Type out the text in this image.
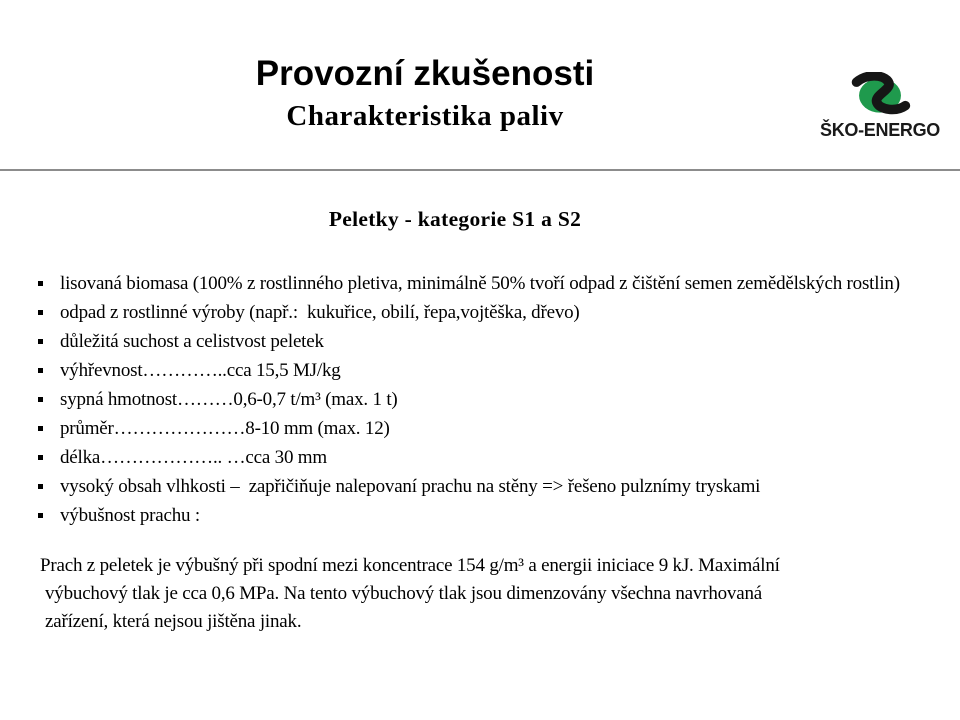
Provozní zkušenosti
Charakteristika paliv	ŠKO-ENERGO
Peletky - kategorie S1 a S2
lisovaná biomasa (100% z rostlinného pletiva, minimálně 50% tvoří odpad z čištění semen zemědělských rostlin)
odpad z rostlinné výroby (např.:  kukuřice, obilí, řepa,vojtěška, dřevo)
důležitá suchost a celistvost peletek
výhřevnost…………..cca 15,5 MJ/kg
sypná hmotnost………0,6-0,7 t/m³ (max. 1 t)
průměr…………………8-10 mm (max. 12)
délka……………….. …cca 30 mm
vysoký obsah vlhkosti –  zapřičiňuje nalepovaní prachu na stěny => řešeno pulznímy tryskami
výbušnost prachu :
Prach z peletek je výbušný při spodní mezi koncentrace 154 g/m³ a energii iniciace 9 kJ. Maximální
výbuchový tlak je cca 0,6 MPa. Na tento výbuchový tlak jsou dimenzovány všechna navrhovaná
zařízení, která nejsou jištěna jinak.
